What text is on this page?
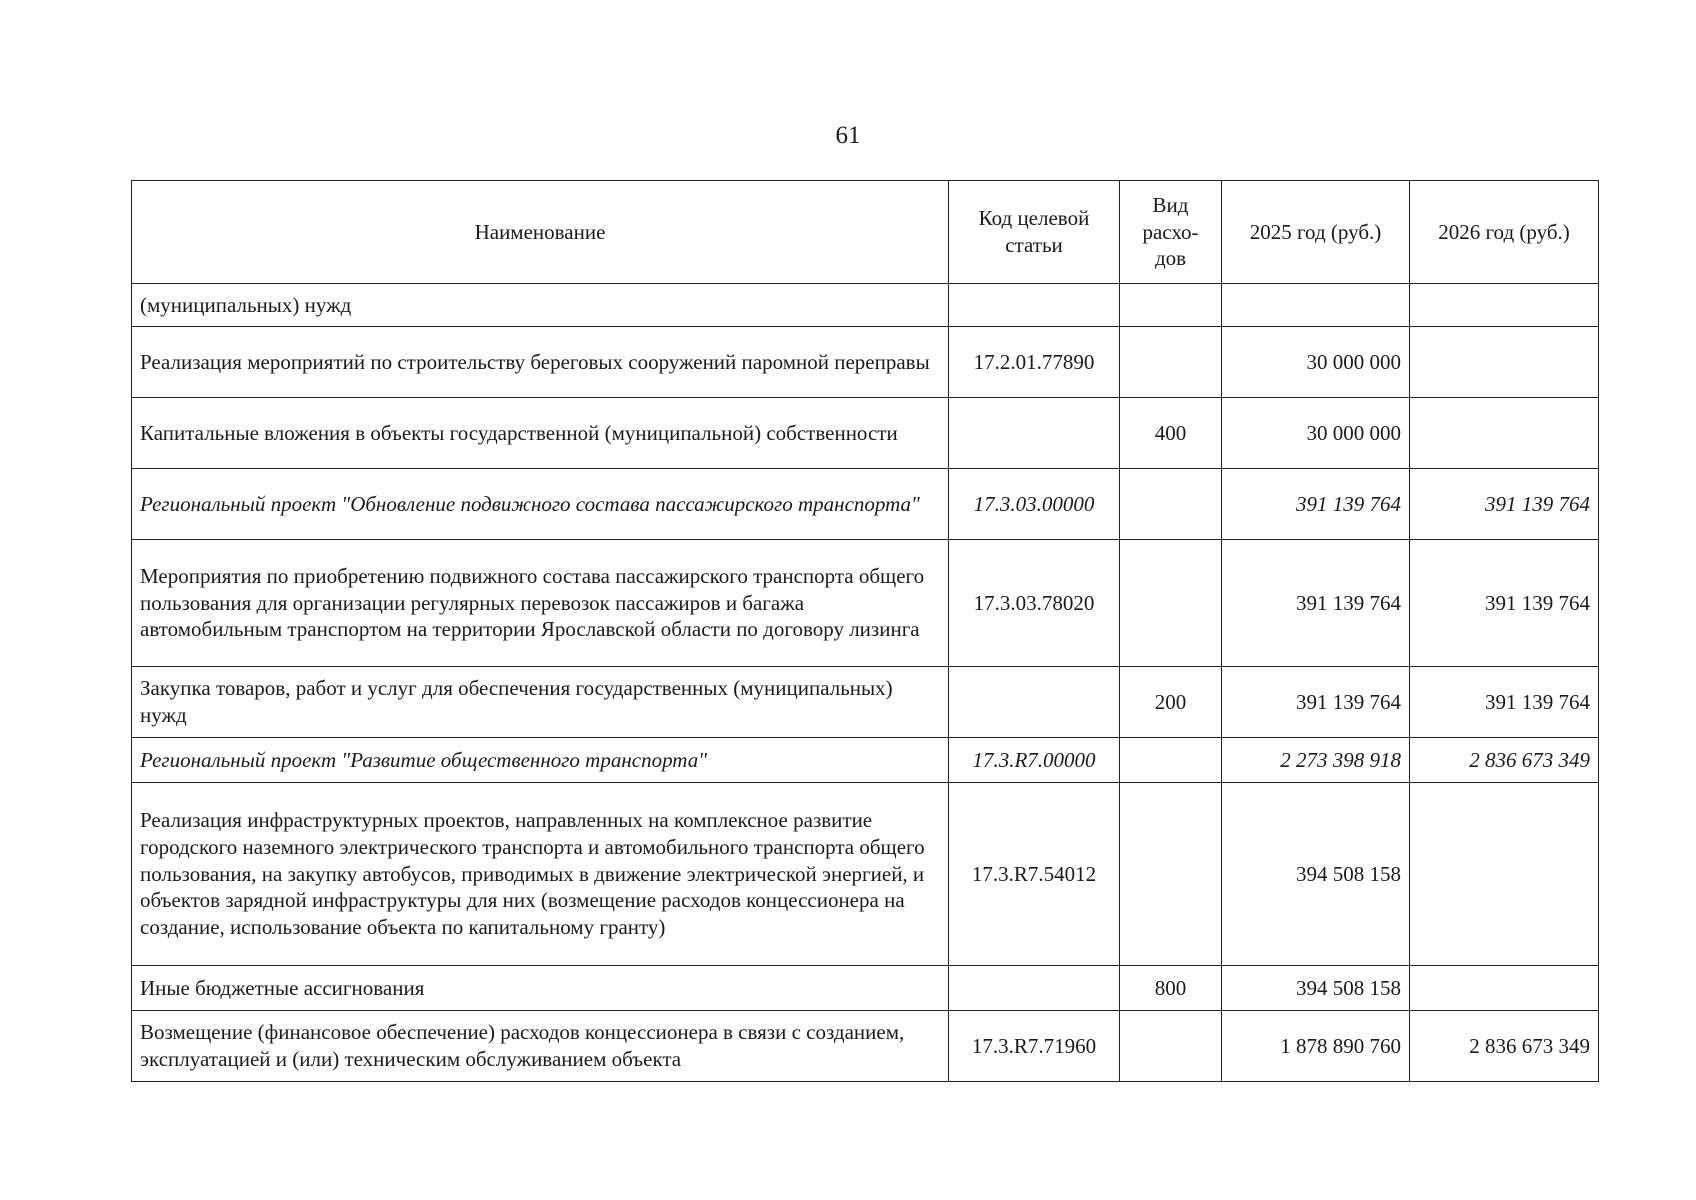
61
Наименование	Код целевой статьи	Вид расхо-дов	2025 год (руб.)	2026 год (руб.)
(муниципальных) нужд				
Реализация мероприятий по строительству береговых сооружений паромной переправы	17.2.01.77890		30 000 000	
Капитальные вложения в объекты государственной (муниципальной) собственности		400	30 000 000	
Региональный проект "Обновление подвижного состава пассажирского транспорта"	17.3.03.00000		391 139 764	391 139 764
Мероприятия по приобретению подвижного состава пассажирского транспорта общего пользования для организации регулярных перевозок пассажиров и багажа автомобильным транспортом на территории Ярославской области по договору лизинга	17.3.03.78020		391 139 764	391 139 764
Закупка товаров, работ и услуг для обеспечения государственных (муниципальных) нужд		200	391 139 764	391 139 764
Региональный проект "Развитие общественного транспорта"	17.3.R7.00000		2 273 398 918	2 836 673 349
Реализация инфраструктурных проектов, направленных на комплексное развитие городского наземного электрического транспорта и автомобильного транспорта общего пользования, на закупку автобусов, приводимых в движение электрической энергией, и объектов зарядной инфраструктуры для них (возмещение расходов концессионера на создание, использование объекта по капитальному гранту)	17.3.R7.54012		394 508 158	
Иные бюджетные ассигнования		800	394 508 158	
Возмещение (финансовое обеспечение) расходов концессионера в связи с созданием, эксплуатацией и (или) техническим обслуживанием объекта	17.3.R7.71960		1 878 890 760	2 836 673 349
